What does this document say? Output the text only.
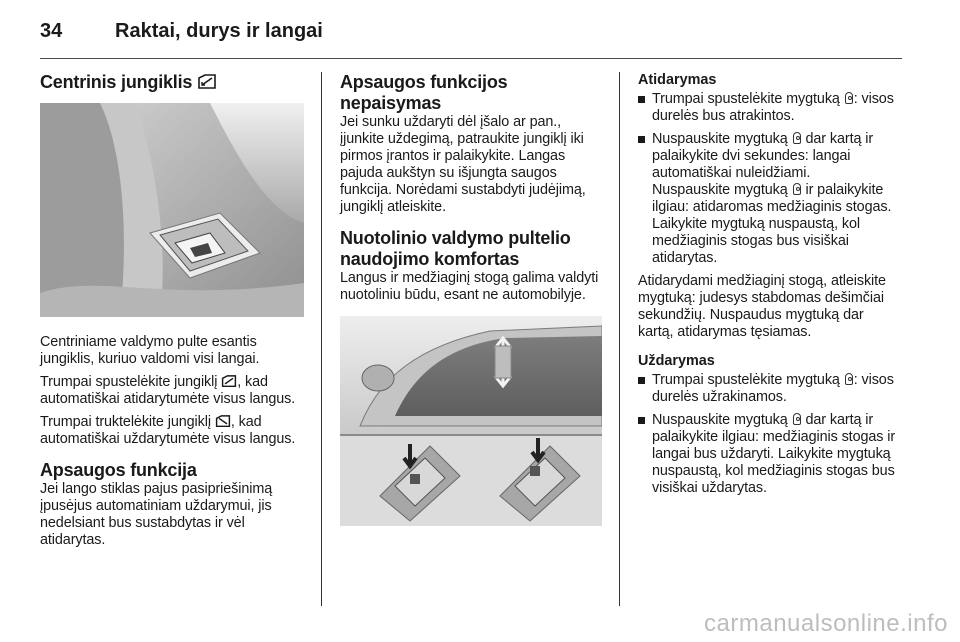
34	Raktai, durys ir langai
Centrinis jungiklis

Centriniame valdymo pulte esantis jungiklis, kuriuo valdomi visi langai.

Trumpai spustelėkite jungiklį , kad automatiškai atidarytumėte visus langus.

Trumpai truktelėkite jungiklį , kad automatiškai uždarytumėte visus langus.

Apsaugos funkcija

Jei lango stiklas pajus pasipriešinimą įpusėjus automatiniam uždarymui, jis nedelsiant bus sustabdytas ir vėl atidarytas.

Apsaugos funkcijos nepaisymas

Jei sunku uždaryti dėl įšalo ar pan., įjunkite uždegimą, patraukite jungiklį iki pirmos įrantos ir palaikykite. Langas pajuda aukštyn su išjungta saugos funkcija. Norėdami sustabdyti judėjimą, jungiklį atleiskite.

Nuotolinio valdymo pultelio naudojimo komfortas

Langus ir medžiaginį stogą galima valdyti nuotoliniu būdu, esant ne automobilyje.

Atidarymas

Trumpai spustelėkite mygtuką : visos durelės bus atrakintos.

Nuspauskite mygtuką  dar kartą ir palaikykite dvi sekundes: langai automatiškai nuleidžiami.
Nuspauskite mygtuką  ir palaikykite ilgiau: atidaromas medžiaginis stogas. Laikykite mygtuką nuspaustą, kol medžiaginis stogas bus visiškai atidarytas.

Atidarydami medžiaginį stogą, atleiskite mygtuką: judesys stabdomas dešimčiai sekundžių. Nuspaudus mygtuką dar kartą, atidarymas tęsiamas.

Uždarymas

Trumpai spustelėkite mygtuką : visos durelės užrakinamos.

Nuspauskite mygtuką  dar kartą ir palaikykite ilgiau: medžiaginis stogas ir langai bus uždaryti. Laikykite mygtuką nuspaustą, kol medžiaginis stogas bus visiškai uždarytas.

carmanualsonline.info
